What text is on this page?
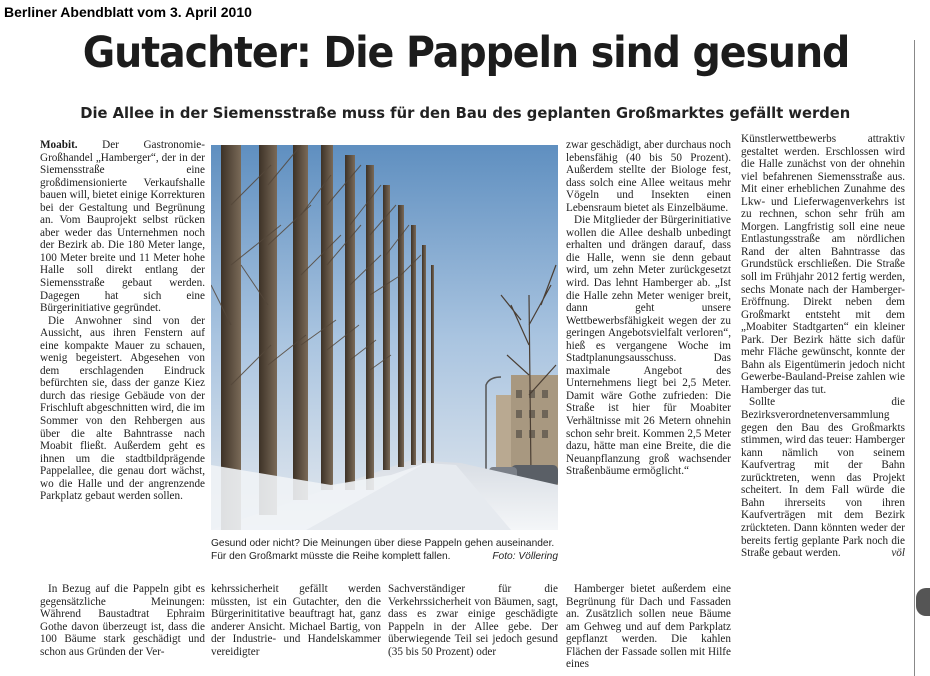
Berliner Abendblatt vom 3. April 2010
Gutachter: Die Pappeln sind gesund
Die Allee in der Siemensstraße muss für den Bau des geplanten Großmarktes gefällt werden

Moabit. Der Gastronomie-Großhandel „Hamberger“, der in der Siemensstraße eine großdimensionierte Verkaufshalle bauen will, bietet einige Korrekturen bei der Gestaltung und Begrünung an. Vom Bauprojekt selbst rücken aber weder das Unternehmen noch der Bezirk ab. Die 180 Meter lange, 100 Meter breite und 11 Meter hohe Halle soll direkt entlang der Siemensstraße gebaut werden. Dagegen hat sich eine Bürgerinitiative gegründet.

Die Anwohner sind von der Aussicht, aus ihren Fenstern auf eine kompakte Mauer zu schauen, wenig begeistert. Abgesehen von dem erschlagenden Eindruck befürchten sie, dass der ganze Kiez durch das riesige Gebäude von der Frischluft abgeschnitten wird, die im Sommer von den Rehbergen aus über die alte Bahntrasse nach Moabit fließt. Außerdem geht es ihnen um die stadtbildprägende Pappelallee, die genau dort wächst, wo die Halle und der angrenzende Parkplatz gebaut werden sollen.

Gesund oder nicht? Die Meinungen über diese Pappeln gehen auseinander.
Für den Großmarkt müsste die Reihe komplett fallen.	Foto: Völlering

zwar geschädigt, aber durchaus noch lebensfähig (40 bis 50 Prozent). Außerdem stellte der Biologe fest, dass solch eine Allee weitaus mehr Vögeln und Insekten einen Lebensraum bietet als Einzelbäume.

Die Mitglieder der Bürgerinitiative wollen die Allee deshalb unbedingt erhalten und drängen darauf, dass die Halle, wenn sie denn gebaut wird, um zehn Meter zurückgesetzt wird. Das lehnt Hamberger ab. „Ist die Halle zehn Meter weniger breit, dann geht unsere Wettbewerbsfähigkeit wegen der zu geringen Angebotsvielfalt verloren“, hieß es vergangene Woche im Stadtplanungsausschuss. Das maximale Angebot des Unternehmens liegt bei 2,5 Meter. Damit wäre Gothe zufrieden: Die Straße ist hier für Moabiter Verhältnisse mit 26 Metern ohnehin schon sehr breit. Kommen 2,5 Meter dazu, hätte man eine Breite, die die Neuanpflanzung groß wachsender Straßenbäume ermöglicht.“

In Bezug auf die Pappeln gibt es gegensätzliche Meinungen: Während Baustadtrat Ephraim Gothe davon überzeugt ist, dass die 100 Bäume stark geschädigt und schon aus Gründen der Ver-

kehrssicherheit gefällt werden müssten, ist ein Gutachter, den die Bürgerinititative beauftragt hat, ganz anderer Ansicht. Michael Bartig, von der Industrie- und Handelskammer vereidigter

Sachverständiger für die Verkehrssicherheit von Bäumen, sagt, dass es zwar einige geschädigte Pappeln in der Allee gebe. Der überwiegende Teil sei jedoch gesund (35 bis 50 Prozent) oder

Hamberger bietet außerdem eine Begrünung für Dach und Fassaden an. Zusätzlich sollen neue Bäume am Gehweg und auf dem Parkplatz gepflanzt werden. Die kahlen Flächen der Fassade sollen mit Hilfe eines

Künstlerwettbewerbs attraktiv gestaltet werden. Erschlossen wird die Halle zunächst von der ohnehin viel befahrenen Siemensstraße aus. Mit einer erheblichen Zunahme des Lkw- und Lieferwagenverkehrs ist zu rechnen, schon sehr früh am Morgen. Langfristig soll eine neue Entlastungsstraße am nördlichen Rand der alten Bahntrasse das Grundstück erschließen. Die Straße soll im Frühjahr 2012 fertig werden, sechs Monate nach der Hamberger-Eröffnung. Direkt neben dem Großmarkt entsteht mit dem „Moabiter Stadtgarten“ ein kleiner Park. Der Bezirk hätte sich dafür mehr Fläche gewünscht, konnte der Bahn als Eigentümerin jedoch nicht Gewerbe-Bauland-Preise zahlen wie Hamberger das tut.

Sollte die Bezirksverordnetenversammlung gegen den Bau des Großmarkts stimmen, wird das teuer: Hamberger kann nämlich von seinem Kaufvertrag mit der Bahn zurücktreten, wenn das Projekt scheitert. In dem Fall würde die Bahn ihrerseits von ihren Kaufverträgen mit dem Bezirk zrückteten. Dann könnten weder der bereits fertig geplante Park noch die Straße gebaut werden.	völ
